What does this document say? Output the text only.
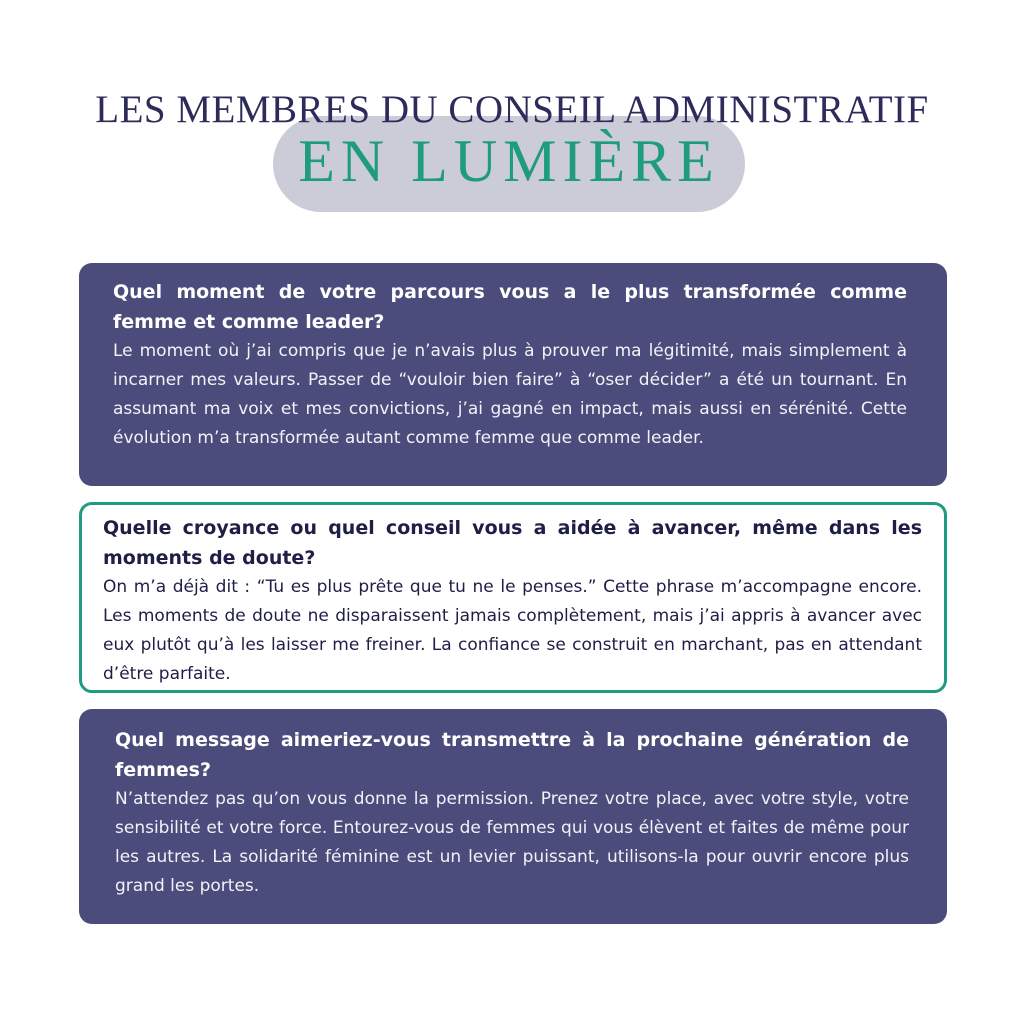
LES MEMBRES DU CONSEIL ADMINISTRATIF
EN LUMIÈRE

Quel moment de votre parcours vous a le plus transformée comme femme et comme leader?

Le moment où j’ai compris que je n’avais plus à prouver ma légitimité, mais simplement à incarner mes valeurs. Passer de “vouloir bien faire” à “oser décider” a été un tournant. En assumant ma voix et mes convictions, j’ai gagné en impact, mais aussi en sérénité. Cette évolution m’a transformée autant comme femme que comme leader.

Quelle croyance ou quel conseil vous a aidée à avancer, même dans les moments de doute?

On m’a déjà dit : “Tu es plus prête que tu ne le penses.” Cette phrase m’accompagne encore. Les moments de doute ne disparaissent jamais complètement, mais j’ai appris à avancer avec eux plutôt qu’à les laisser me freiner. La confiance se construit en marchant, pas en attendant d’être parfaite.

Quel message aimeriez-vous transmettre à la prochaine génération de femmes?

N’attendez pas qu’on vous donne la permission. Prenez votre place, avec votre style, votre sensibilité et votre force. Entourez-vous de femmes qui vous élèvent et faites de même pour les autres. La solidarité féminine est un levier puissant, utilisons-la pour ouvrir encore plus grand les portes.
